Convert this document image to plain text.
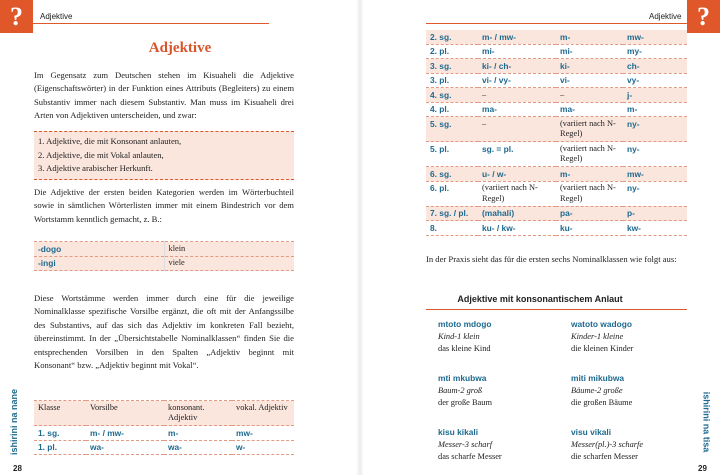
?	Adjektive
Adjektive
Im Gegensatz zum Deutschen stehen im Kisuaheli die Adjektive (Eigenschaftswörter) in der Funktion eines Attributs (Begleiters) zu einem Substantiv immer nach diesem Substantiv. Man muss im Kisuaheli drei Arten von Adjektiven unterscheiden, und zwar:
1. Adjektive, die mit Konsonant anlauten,
2. Adjektive, die mit Vokal anlauten,
3. Adjektive arabischer Herkunft.
Die Adjektive der ersten beiden Kategorien werden im Wörterbuchteil sowie in sämtlichen Wörterlisten immer mit einem Bindestrich vor dem Wortstamm kenntlich gemacht, z. B.:
-dogo	klein
-ingi	viele
Diese Wortstämme werden immer durch eine für die jeweilige Nominalklasse spezifische Vorsilbe ergänzt, die oft mit der Anfangssilbe des Substantivs, auf das sich das Adjektiv im konkreten Fall bezieht, übereinstimmt. In der „Übersichtstabelle Nominalklassen“ finden Sie die entsprechenden Vorsilben in den Spalten „Adjektiv beginnt mit Konsonant“ bzw. „Adjektiv beginnt mit Vokal“.
Klasse	Vorsilbe	konsonant. Adjektiv	vokal. Adjektiv
1. sg.	m- / mw-	m-	mw-
1. pl.	wa-	wa-	w-
ishirini na nane
28
?
Adjektive
2. sg.	m- / mw-	m-	mw-
2. pl.	mi-	mi-	my-
3. sg.	ki- / ch-	ki-	ch-
3. pl.	vi- / vy-	vi-	vy-
4. sg.	–	–	j-
4. pl.	ma-	ma-	m-
5. sg.	–	(variiert nach N-Regel)	ny-
5. pl.	sg. = pl.	(variiert nach N-Regel)	ny-
6. sg.	u- / w-	m-	mw-
6. pl.	(variiert nach N-Regel)	(variiert nach N-Regel)	ny-
7. sg. / pl.	(mahali)	pa-	p-
8.	ku- / kw-	ku-	kw-
In der Praxis sieht das für die ersten sechs Nominalklassen wie folgt aus:
Adjektive mit konsonantischem Anlaut
mtoto mdogo
Kind-1 klein
das kleine Kind
watoto wadogo
Kinder-1 kleine
die kleinen Kinder
mti mkubwa
Baum-2 groß
der große Baum
miti mikubwa
Bäume-2 große
die großen Bäume
kisu kikali
Messer-3 scharf
das scharfe Messer
visu vikali
Messer(pl.)-3 scharfe
die scharfen Messer
ishirini na tisa
29
